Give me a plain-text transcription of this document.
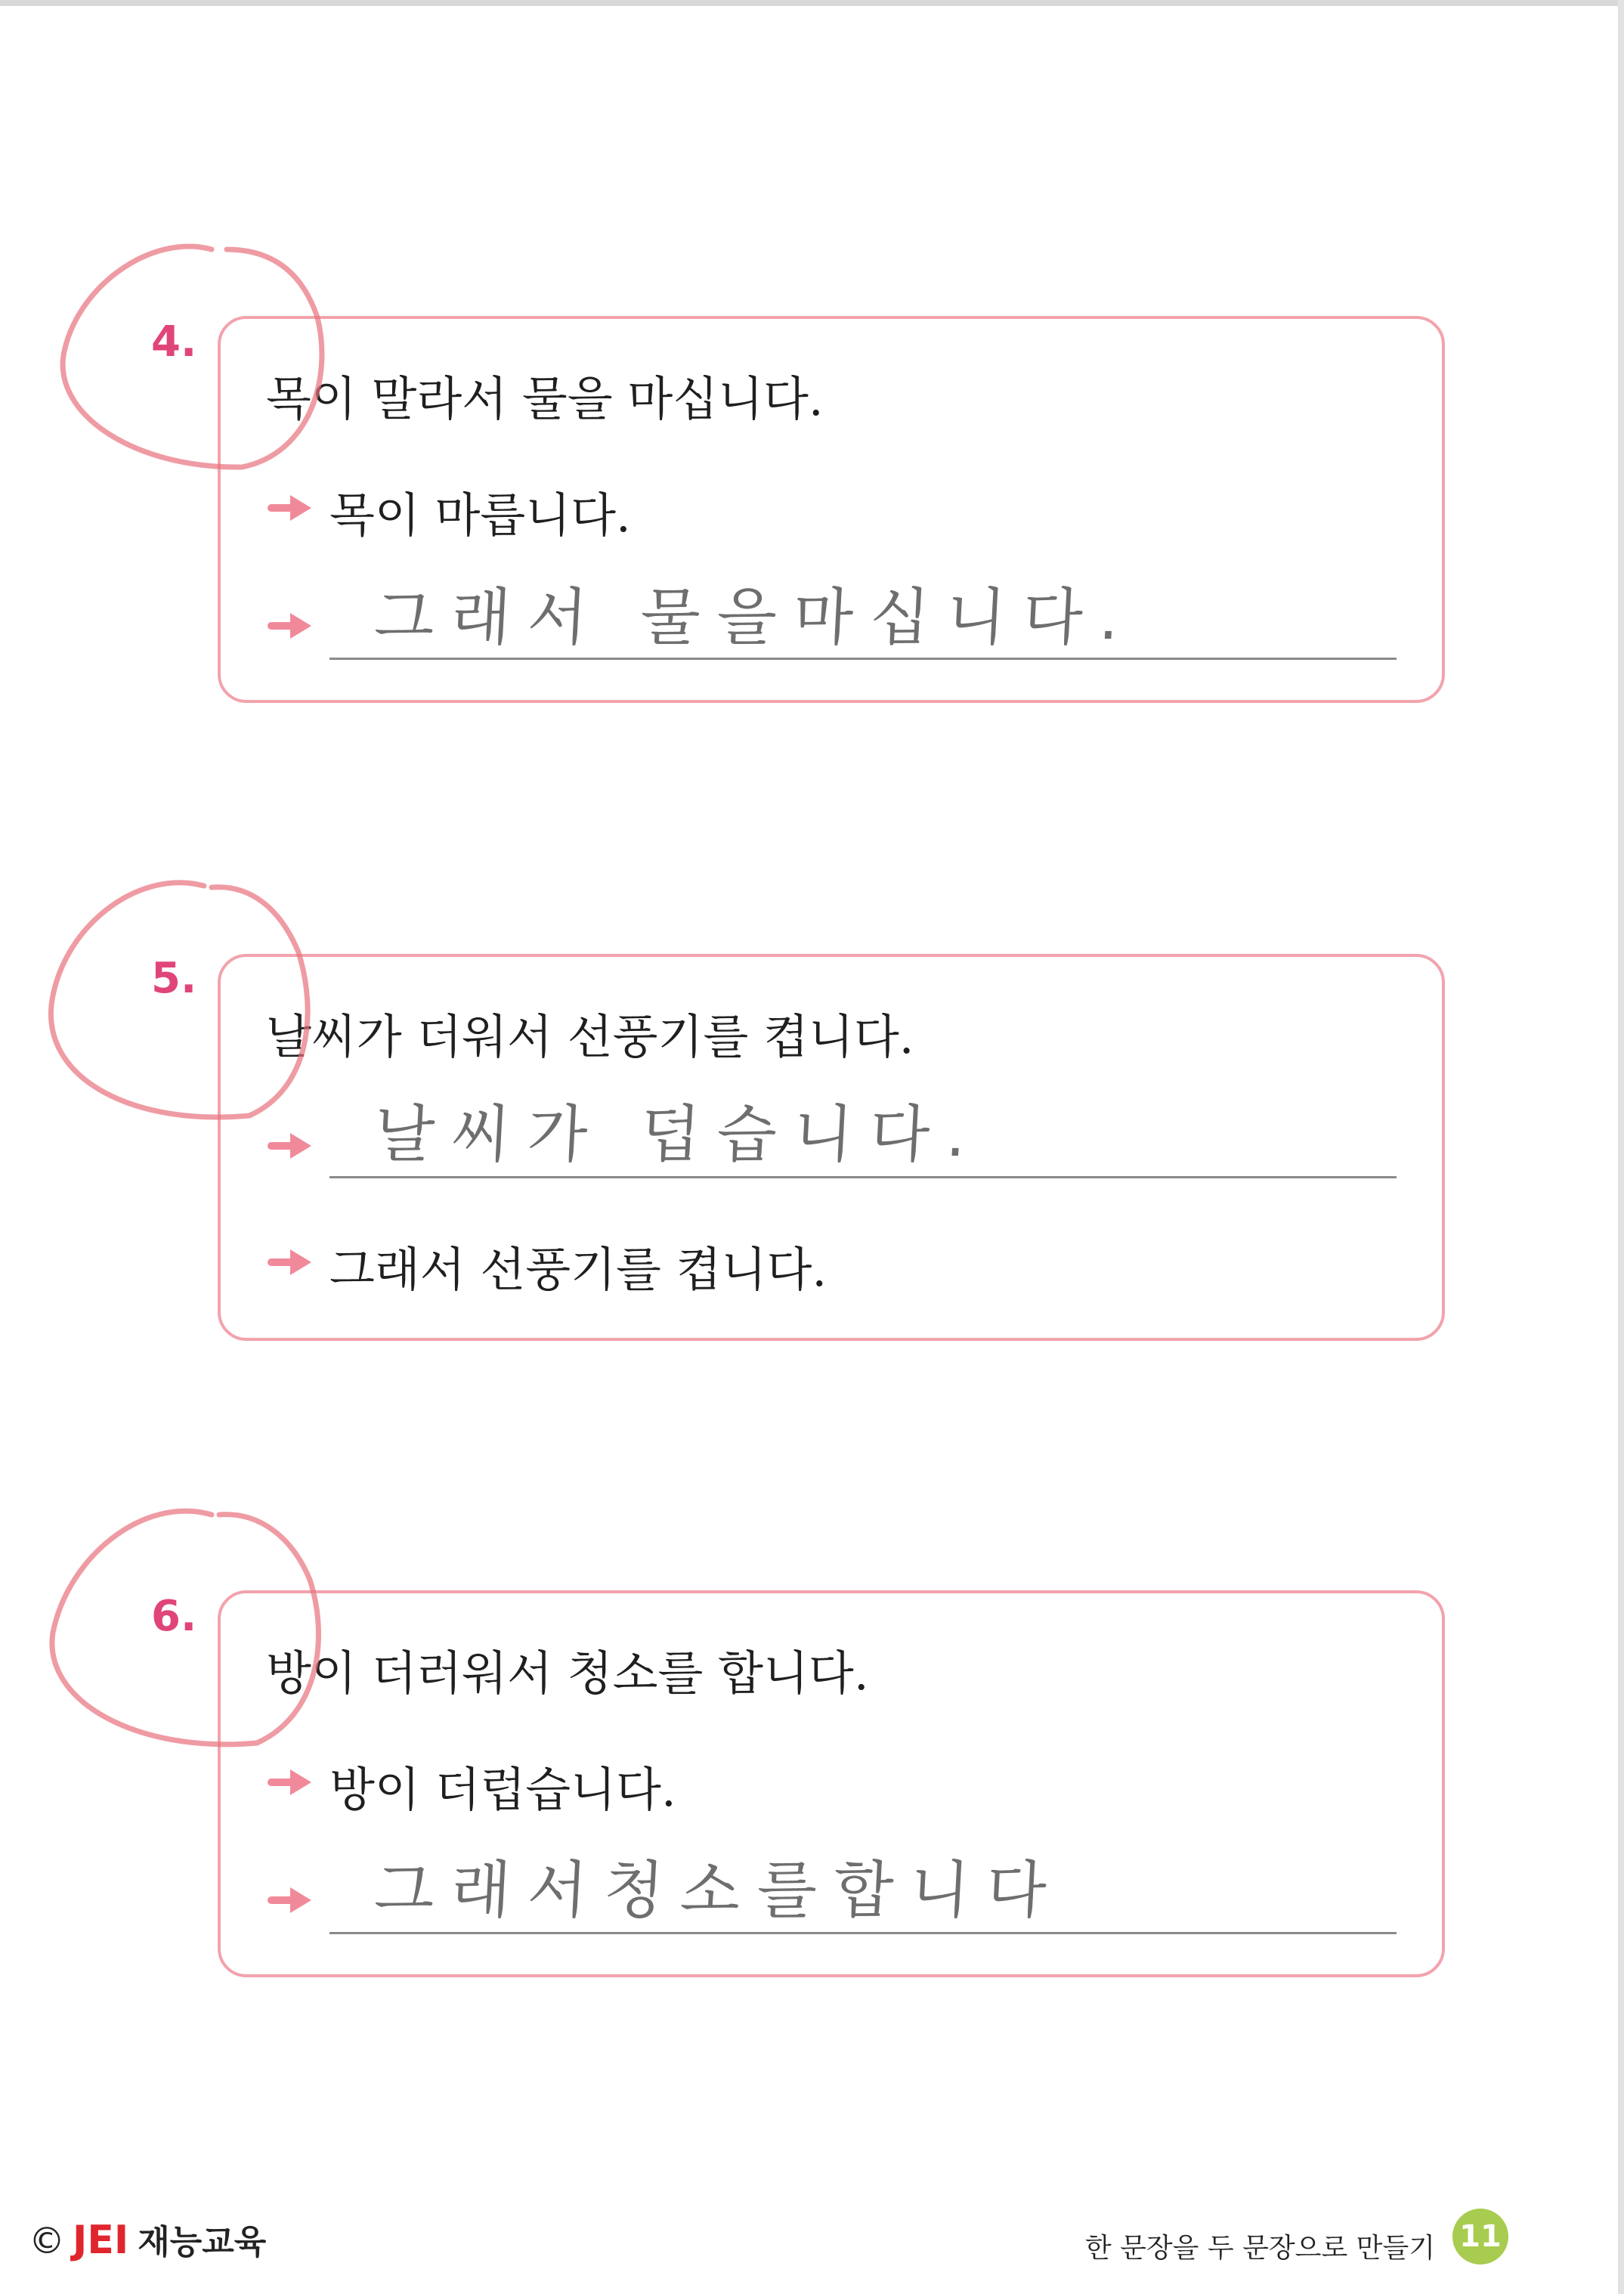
4.
목이 말라서 물을 마십니다.
목이 마릅니다.
그래서 물을마십니다.
5.
날씨가 더워서 선풍기를 켭니다.
날씨가 덥습니다.
그래서 선풍기를 켭니다.
6.
방이 더러워서 청소를 합니다.
방이 더럽습니다.
그래서청소를합니다
© JEI 재능교육	한 문장을 두 문장으로 만들기 11
